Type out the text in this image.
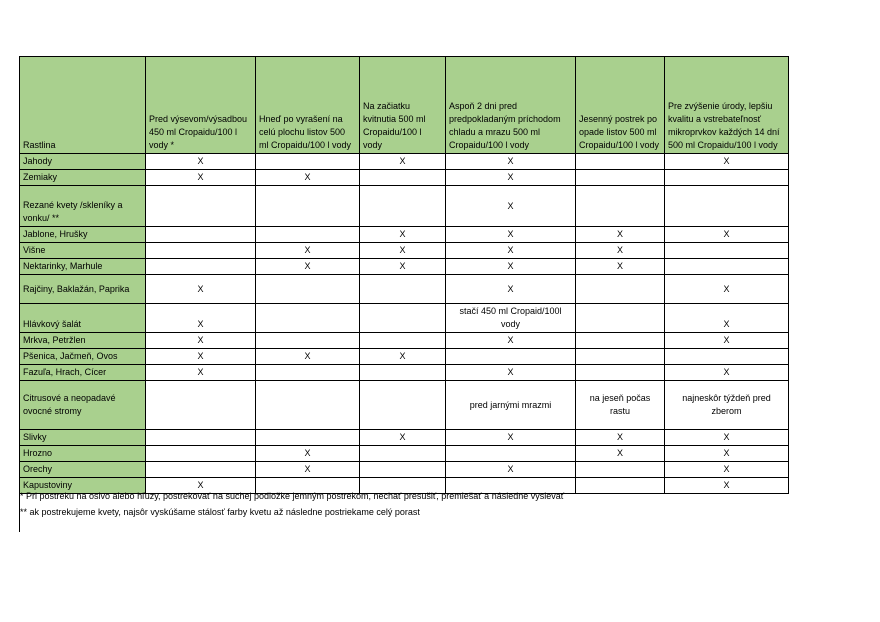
Rastlina	Pred výsevom/výsadbou 450 ml Cropaidu/100 l vody *	Hneď po vyrašení na celú plochu listov 500 ml Cropaidu/100 l vody	Na začiatku kvitnutia 500 ml Cropaidu/100 l vody	Aspoň 2 dni pred predpokladaným príchodom chladu a mrazu 500 ml Cropaidu/100 l vody	Jesenný postrek po opade listov 500 ml Cropaidu/100 l vody	Pre zvýšenie úrody, lepšiu kvalitu a vstrebateľnosť mikroprvkov každých 14 dní 500 ml Cropaidu/100 l vody
Jahody	X		X	X		X
Zemiaky	X	X		X		
Rezané kvety /skleníky a vonku/ **				X		
Jablone, Hrušky			X	X	X	X
Višne		X	X	X	X	
Nektarinky, Marhule		X	X	X	X	
Rajčiny, Baklažán, Paprika	X			X		X
Hlávkový šalát	X			stačí 450 ml Cropaid/100l vody		X
Mrkva, Petržlen	X			X		X
Pšenica, Jačmeň, Ovos	X	X	X			
Fazuľa, Hrach, Cícer	X			X		X
Citrusové a neopadavé ovocné stromy				pred jarnými mrazmi	na jeseň počas rastu	najneskôr týždeň pred zberom
Slivky			X	X	X	X
Hrozno		X			X	X
Orechy		X		X		X
Kapustoviny	X					X
* Pri postreku na osivo alebo hľuzy, postrekovať na suchej podložke jemným postrekom, nechať presušiť, premiešať a následne vysievať
** ak postrekujeme kvety, najsôr vyskúšame stálosť farby kvetu až následne postriekame celý porast
